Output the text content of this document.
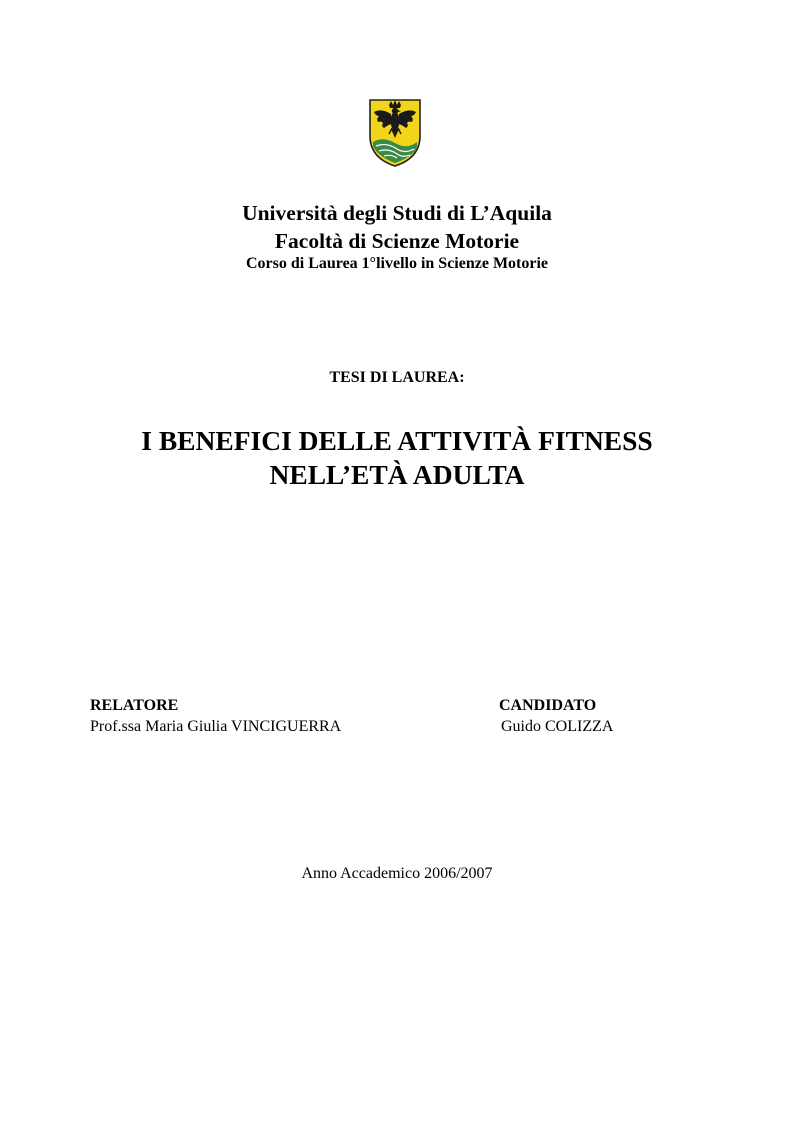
Università degli Studi di L’Aquila
Facoltà di Scienze Motorie
Corso di Laurea 1°livello in Scienze Motorie
TESI DI LAUREA:
I BENEFICI DELLE ATTIVITÀ FITNESS
NELL’ETÀ ADULTA
RELATORE
Prof.ssa Maria Giulia VINCIGUERRA
CANDIDATO
Guido COLIZZA
Anno Accademico 2006/2007
